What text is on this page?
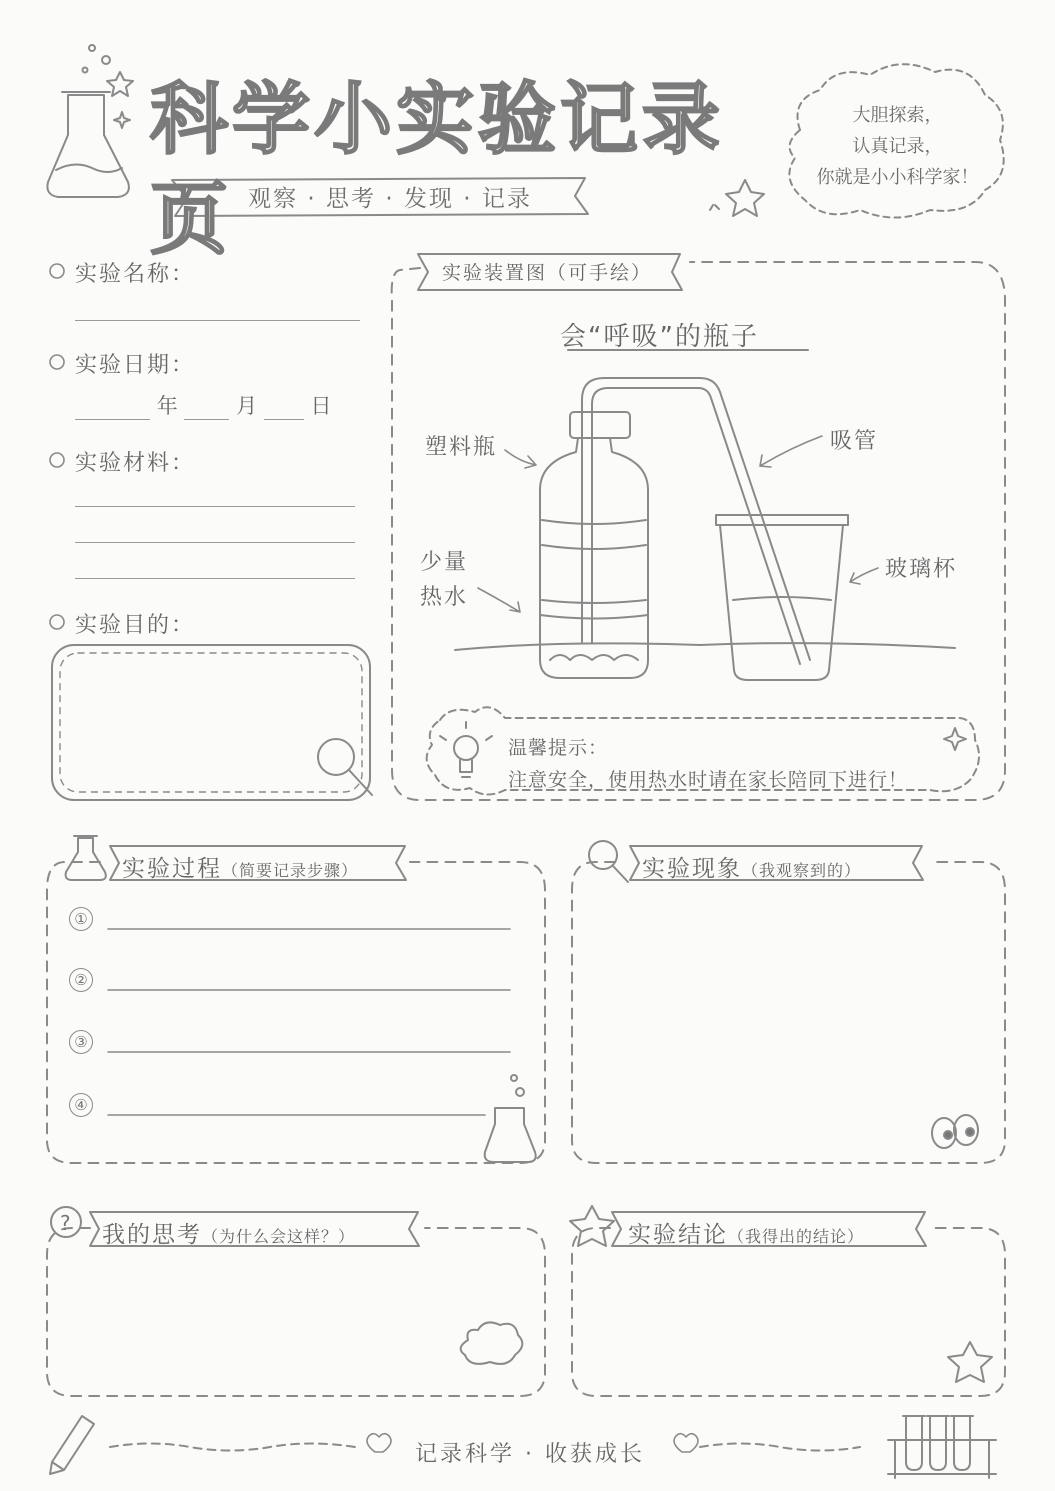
?
科学小实验记录页 观察 · 思考 · 发现 · 记录
大胆探索，
认真记录，
你就是小小科学家！
实验名称：
实验日期：
年	月	日
实验材料：
实验目的：
实验装置图（可手绘）
会“呼吸”的瓶子
塑料瓶	吸管
少量
热水
玻璃杯
温馨提示：
注意安全，使用热水时请在家长陪同下进行！
实验过程（简要记录步骤）
①
②
③
④
实验现象（我观察到的）
我的思考（为什么会这样？）	实验结论（我得出的结论）
记录科学 · 收获成长
